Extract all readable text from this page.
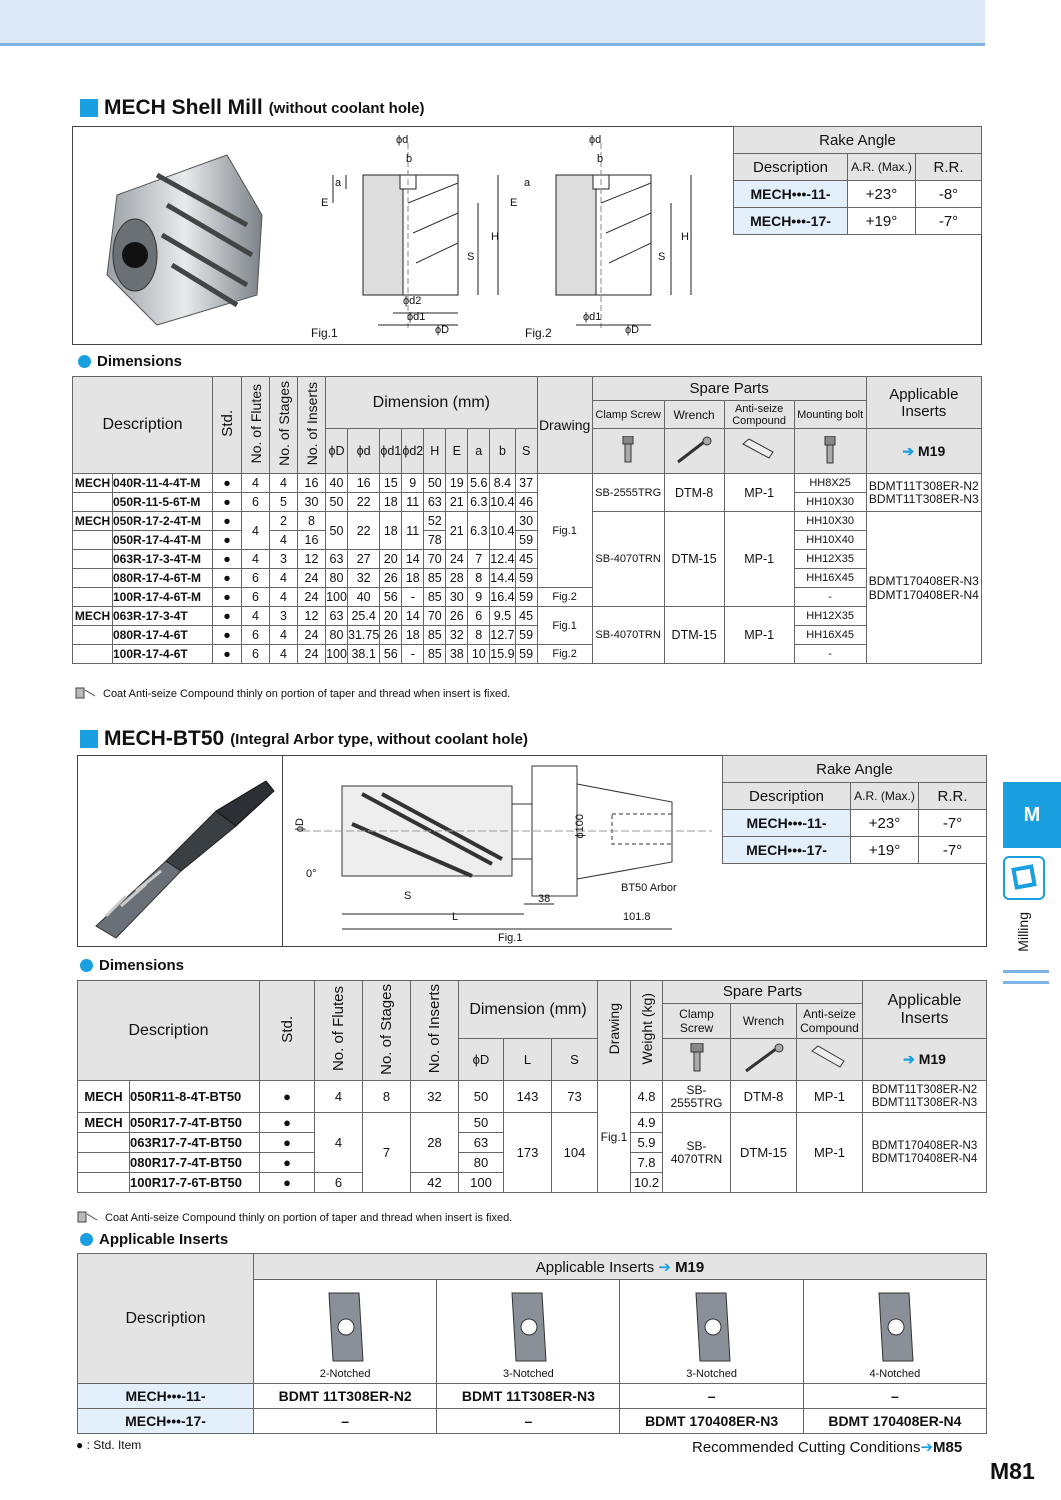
M
Milling
MECH Shell Mill (without coolant hole)
ϕd
b
a
E
H
S
ϕd2
ϕd1
ϕD
Fig.1
ϕd
b
a
E
H
S
ϕd1
ϕD
Fig.2
Rake Angle		
Description	A.R. (Max.)	R.R.
MECH•••-11-	+23°	-8°
MECH•••-17-	+19°	-7°
Dimensions
Description		Std.	No. of Flutes	No. of Stages	No. of Inserts	Dimension (mm)									Drawing	Spare Parts				Applicable Inserts

																Clamp Screw	Wrench	Anti-seize Compound	Mounting bolt	
						ϕD	ϕd	ϕd1	ϕd2	H	E	a	b	S						➔ M19
MECH	040R-11-4-4T-M	●	4	4	16	40	16	15	9	50	19	5.6	8.4	37	Fig.1	SB-2555TRG	DTM-8	MP-1	HH8X25	BDMT11T308ER-N2
BDMT11T308ER-N3

	050R-11-5-6T-M	●	6	5	30	50	22	18	11	63	21	6.3	10.4	46					HH10X30	
MECH	050R-17-2-4T-M	●	4	2	8	50	22	18	11	52	21	6.3	10.4	30		SB-4070TRN	DTM-15	MP-1	HH10X30	BDMT170408ER-N3
BDMT170408ER-N4

	050R-17-4-4T-M	●		4	16					78				59					HH10X40	
	063R-17-3-4T-M	●	4	3	12	63	27	20	14	70	24	7	12.4	45					HH12X35	
	080R-17-4-6T-M	●	6	4	24	80	32	26	18	85	28	8	14.4	59					HH16X45	
	100R-17-4-6T-M	●	6	4	24	100	40	56	-	85	30	9	16.4	59	Fig.2				-	
MECH	063R-17-3-4T	●	4	3	12	63	25.4	20	14	70	26	6	9.5	45	Fig.1	SB-4070TRN	DTM-15	MP-1	HH12X35	
	080R-17-4-6T	●	6	4	24	80	31.75	26	18	85	32	8	12.7	59					HH16X45	
	100R-17-4-6T	●	6	4	24	100	38.1	56	-	85	38	10	15.9	59	Fig.2				-	
Coat Anti-seize Compound thinly on portion of taper and thread when insert is fixed.
MECH-BT50 (Integral Arbor type, without coolant hole)
ϕD	ϕ100
0°
S
L
38
101.8
BT50 Arbor
Fig.1
Rake Angle		
Description	A.R. (Max.)	R.R.
MECH•••-11-	+23°	-7°
MECH•••-17-	+19°	-7°
Dimensions
Description		Std.	No. of Flutes	No. of Stages	No. of Inserts	Dimension (mm)			Drawing	Weight (kg)	Spare Parts			Applicable Inserts

											Clamp Screw	Wrench	Anti-seize Compound	
						ϕD	L	S						➔ M19
MECH	050R11-8-4T-BT50	●	4	8	32	50	143	73	Fig.1	4.8	SB-2555TRG	DTM-8	MP-1	BDMT11T308ER-N2
BDMT11T308ER-N3

MECH	050R17-7-4T-BT50	●	4	7	28	50	173	104		4.9	SB-4070TRN	DTM-15	MP-1	BDMT170408ER-N3
BDMT170408ER-N4

	063R17-7-4T-BT50	●				63				5.9				
	080R17-7-4T-BT50	●				80				7.8				
	100R17-7-6T-BT50	●	6		42	100				10.2				
Coat Anti-seize Compound thinly on portion of taper and thread when insert is fixed.
Applicable Inserts
Description	Applicable Inserts ➔ M19			

	2-Notched	3-Notched	3-Notched	4-Notched

MECH•••-11-	BDMT 11T308ER-N2	BDMT 11T308ER-N3	–	–
MECH•••-17-	–	–	BDMT 170408ER-N3	BDMT 170408ER-N4
● : Std. Item	Recommended Cutting Conditions➔M85
M81
